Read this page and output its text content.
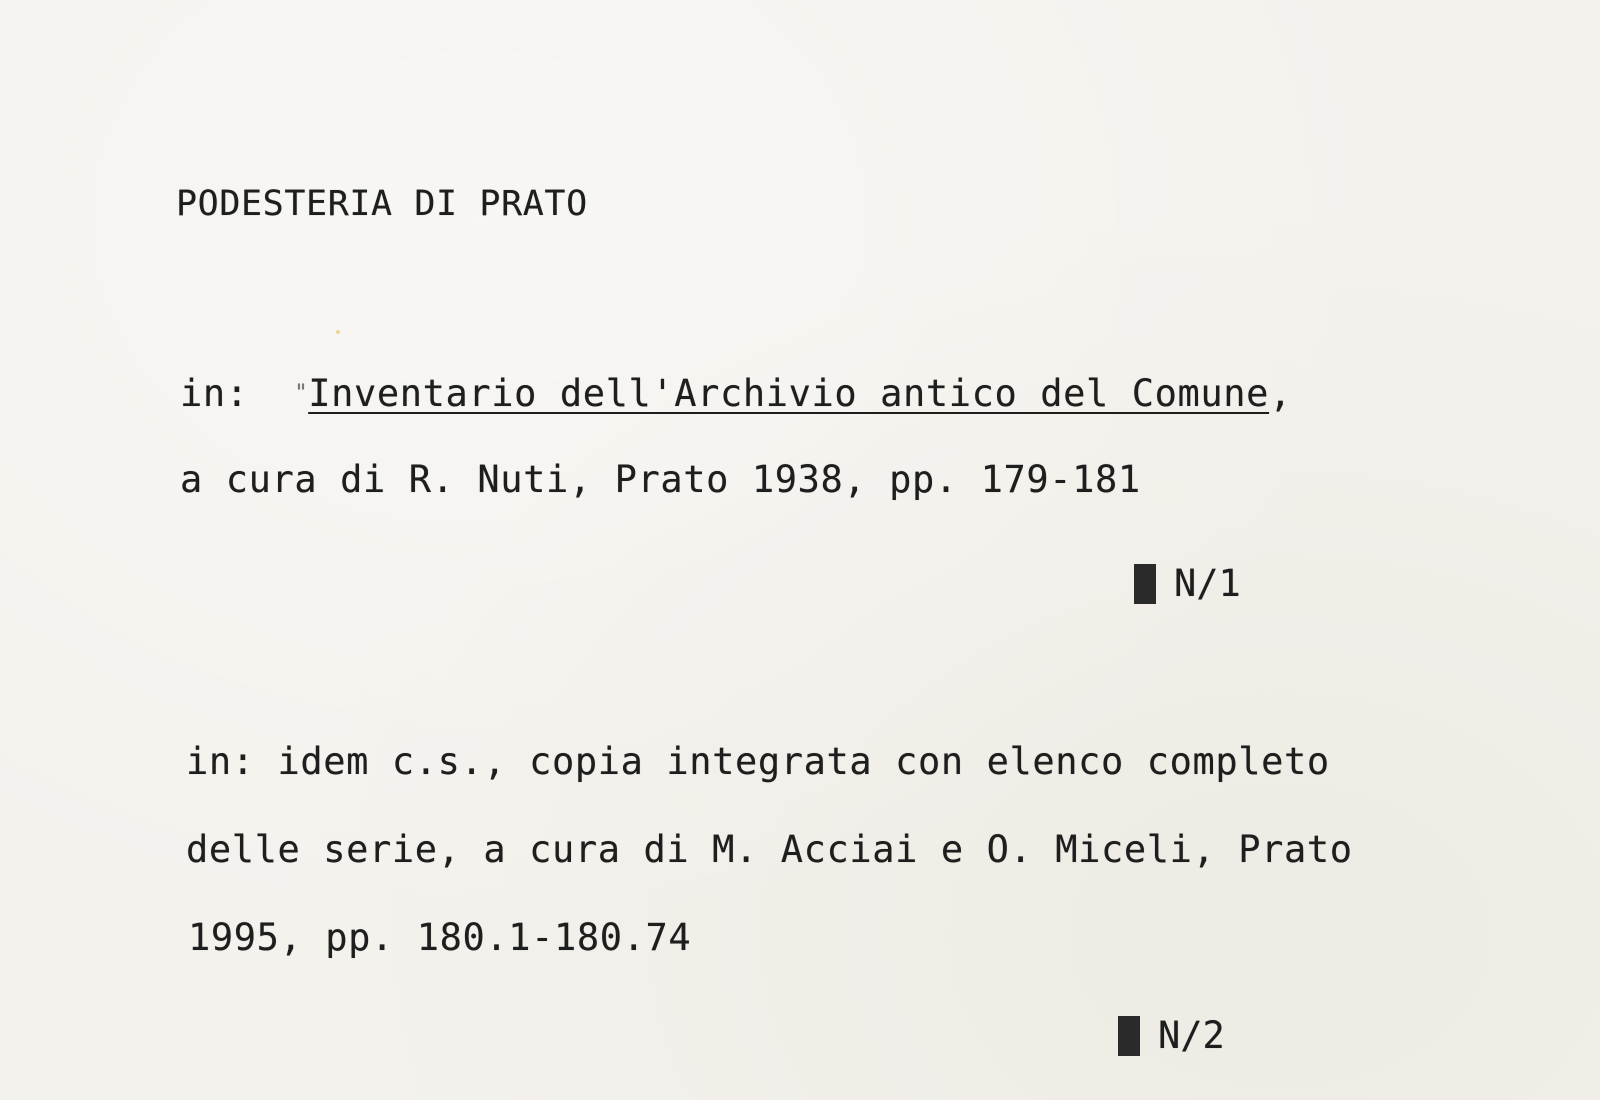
PODESTERIA DI PRATO
in: "Inventario dell'Archivio antico del Comune,
a cura di R. Nuti, Prato 1938, pp. 179-181
N/1
in: idem c.s., copia integrata con elenco completo
delle serie, a cura di M. Acciai e O. Miceli, Prato
1995, pp. 180.1-180.74
N/2
